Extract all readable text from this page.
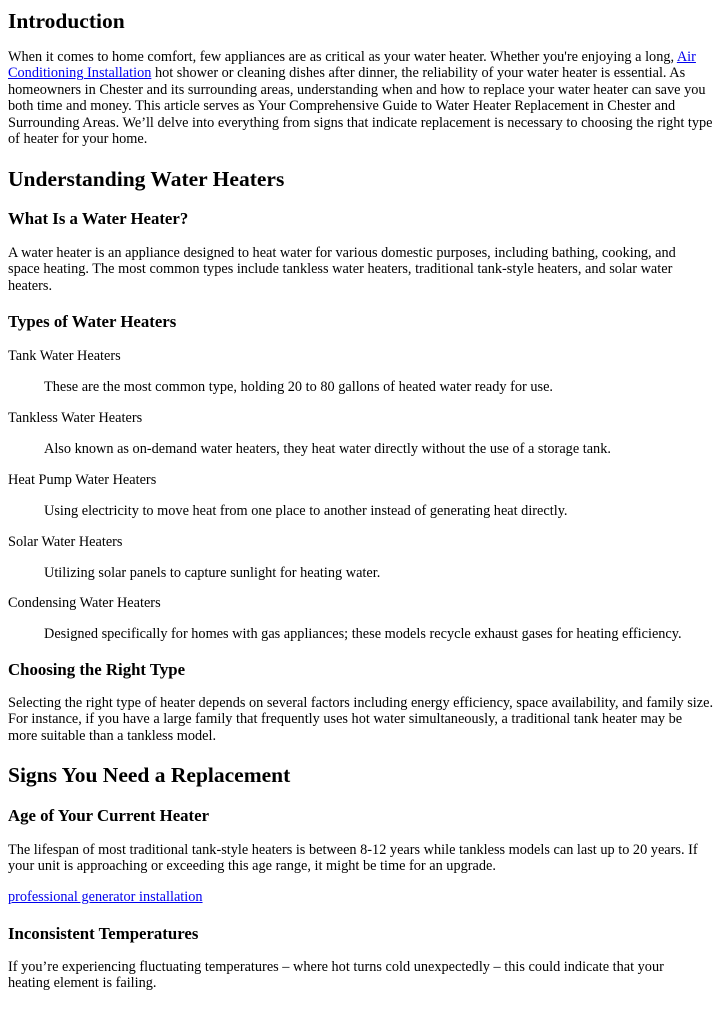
Introduction

When it comes to home comfort, few appliances are as critical as your water heater. Whether you're enjoying a long, Air Conditioning Installation hot shower or cleaning dishes after dinner, the reliability of your water heater is essential. As homeowners in Chester and its surrounding areas, understanding when and how to replace your water heater can save you both time and money. This article serves as Your Comprehensive Guide to Water Heater Replacement in Chester and Surrounding Areas. We’ll delve into everything from signs that indicate replacement is necessary to choosing the right type of heater for your home.

Understanding Water Heaters
What Is a Water Heater?

A water heater is an appliance designed to heat water for various domestic purposes, including bathing, cooking, and space heating. The most common types include tankless water heaters, traditional tank-style heaters, and solar water heaters.

Types of Water Heaters
Tank Water Heaters
These are the most common type, holding 20 to 80 gallons of heated water ready for use.
Tankless Water Heaters
Also known as on-demand water heaters, they heat water directly without the use of a storage tank.
Heat Pump Water Heaters
Using electricity to move heat from one place to another instead of generating heat directly.
Solar Water Heaters
Utilizing solar panels to capture sunlight for heating water.
Condensing Water Heaters
Designed specifically for homes with gas appliances; these models recycle exhaust gases for heating efficiency.
Choosing the Right Type

Selecting the right type of heater depends on several factors including energy efficiency, space availability, and family size. For instance, if you have a large family that frequently uses hot water simultaneously, a traditional tank heater may be more suitable than a tankless model.

Signs You Need a Replacement
Age of Your Current Heater

The lifespan of most traditional tank-style heaters is between 8-12 years while tankless models can last up to 20 years. If your unit is approaching or exceeding this age range, it might be time for an upgrade.

professional generator installation

Inconsistent Temperatures

If you’re experiencing fluctuating temperatures – where hot turns cold unexpectedly – this could indicate that your heating element is failing.
